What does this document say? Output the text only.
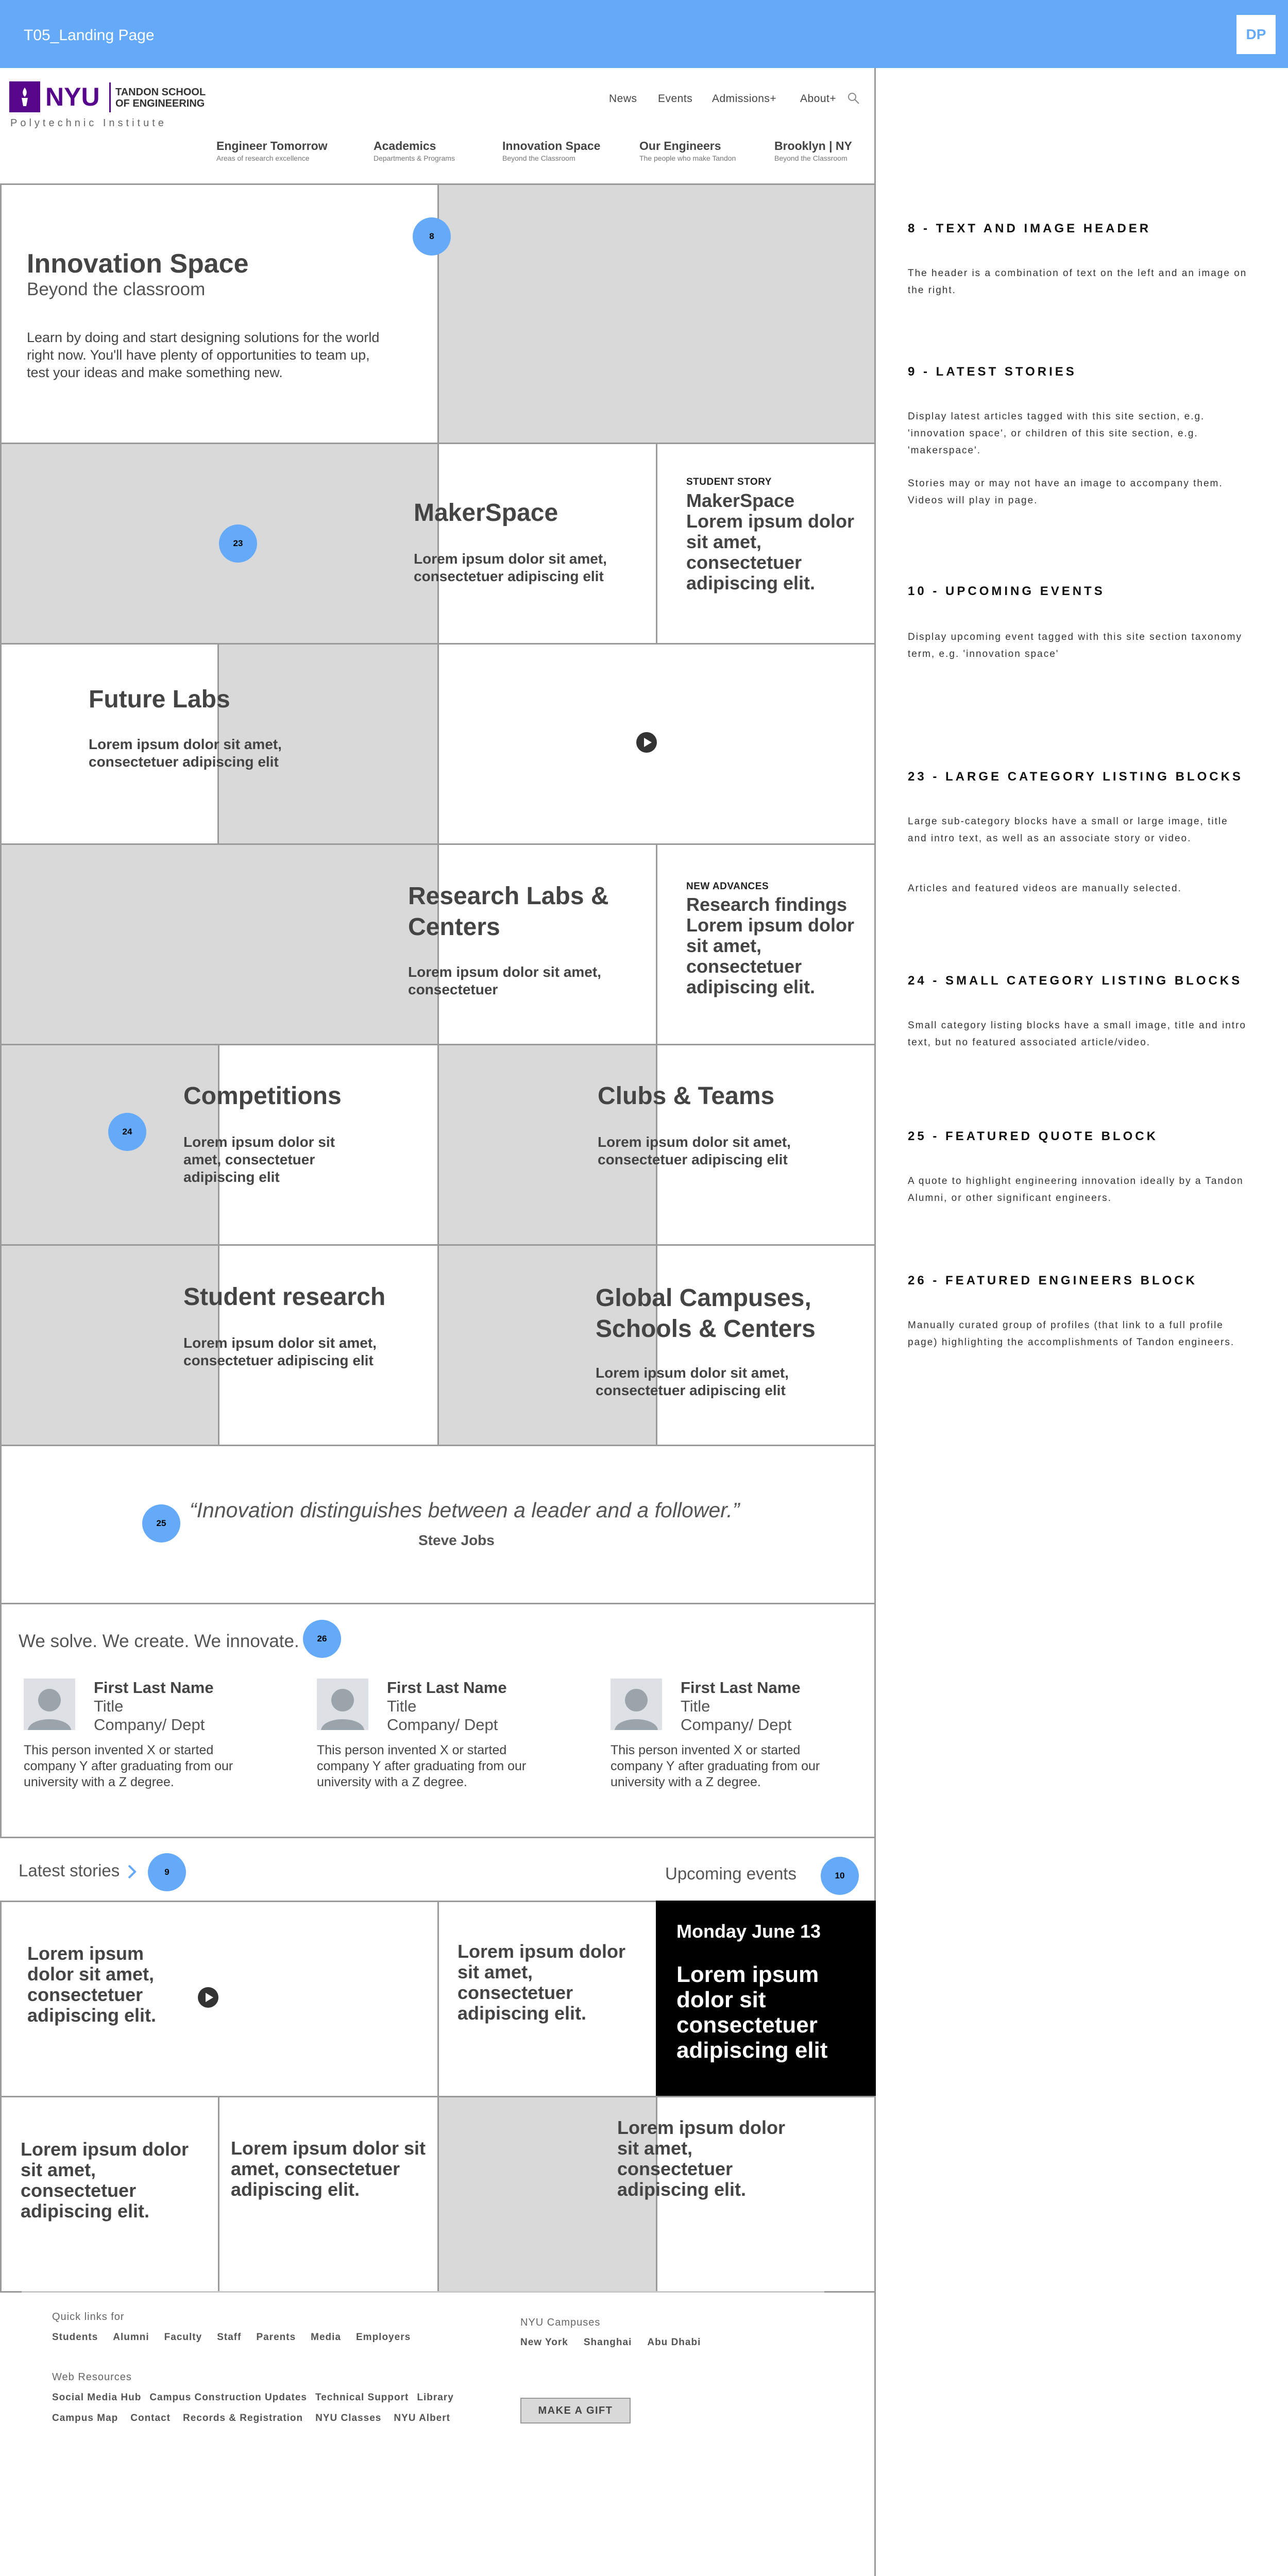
T05_Landing Page	DP
NYU TANDON SCHOOL
OF ENGINEERING
Polytechnic Institute
News Events Admissions+ About+
Engineer Tomorrow
Areas of research excellence
Academics
Departments & Programs
Innovation Space
Beyond the Classroom
Our Engineers
The people who make Tandon
Brooklyn | NY
Beyond the Classroom
Innovation Space
Beyond the classroom
Learn by doing and start designing solutions for the world right now. You'll have plenty of opportunities to team up, test your ideas and make something new.
8
MakerSpace
Lorem ipsum dolor sit amet, consectetuer adipiscing elit
STUDENT STORY
MakerSpace
Lorem ipsum dolor sit amet, consectetuer adipiscing elit.
23
Future Labs
Lorem ipsum dolor sit amet, consectetuer adipiscing elit
Research Labs & Centers
Lorem ipsum dolor sit amet, consectetuer
NEW ADVANCES
Research findings
Lorem ipsum dolor sit amet, consectetuer adipiscing elit.
Competitions
Lorem ipsum dolor sit amet, consectetuer adipiscing elit
Clubs & Teams
Lorem ipsum dolor sit amet, consectetuer adipiscing elit
24
Student research
Lorem ipsum dolor sit amet, consectetuer adipiscing elit
Global Campuses, Schools & Centers
Lorem ipsum dolor sit amet, consectetuer adipiscing elit
“Innovation distinguishes between a leader and a follower.”
Steve Jobs
25
We solve. We create. We innovate.	26
First Last Name
Title
Company/ Dept
This person invented X or started company Y after graduating from our university with a Z degree.
First Last Name
Title
Company/ Dept
This person invented X or started company Y after graduating from our university with a Z degree.
First Last Name
Title
Company/ Dept
This person invented X or started company Y after graduating from our university with a Z degree.
Latest stories	9	Upcoming events	10
Lorem ipsum dolor sit amet, consectetuer adipiscing elit.
Lorem ipsum dolor sit amet, consectetuer adipiscing elit.
Monday June 13
Lorem ipsum dolor sit consectetuer adipiscing elit
Lorem ipsum dolor sit amet, consectetuer adipiscing elit.
Lorem ipsum dolor sit amet, consectetuer adipiscing elit.
Lorem ipsum dolor sit amet, consectetuer adipiscing elit.
Quick links for
Students Alumni Faculty Staff Parents Media Employers
Web Resources
Social Media Hub Campus Construction Updates Technical Support Library
Campus Map Contact Records & Registration NYU Classes NYU Albert
NYU Campuses
New York Shanghai Abu Dhabi
MAKE A GIFT
8 - TEXT AND IMAGE HEADER
The header is a combination of text on the left and an image on the right.
9 - LATEST STORIES
Display latest articles tagged with this site section, e.g. 'innovation space', or children of this site section, e.g. 'makerspace'.
Stories may or may not have an image to accompany them. Videos will play in page.
10 - UPCOMING EVENTS
Display upcoming event tagged with this site section taxonomy term, e.g. 'innovation space'
23 - LARGE CATEGORY LISTING BLOCKS
Large sub-category blocks have a small or large image, title and intro text, as well as an associate story or video.
Articles and featured videos are manually selected.
24 - SMALL CATEGORY LISTING BLOCKS
Small category listing blocks have a small image, title and intro text, but no featured associated article/video.
25 - FEATURED QUOTE BLOCK
A quote to highlight engineering innovation ideally by a Tandon Alumni, or other significant engineers.
26 - FEATURED ENGINEERS BLOCK
Manually curated group of profiles (that link to a full profile page) highlighting the accomplishments of Tandon engineers.
